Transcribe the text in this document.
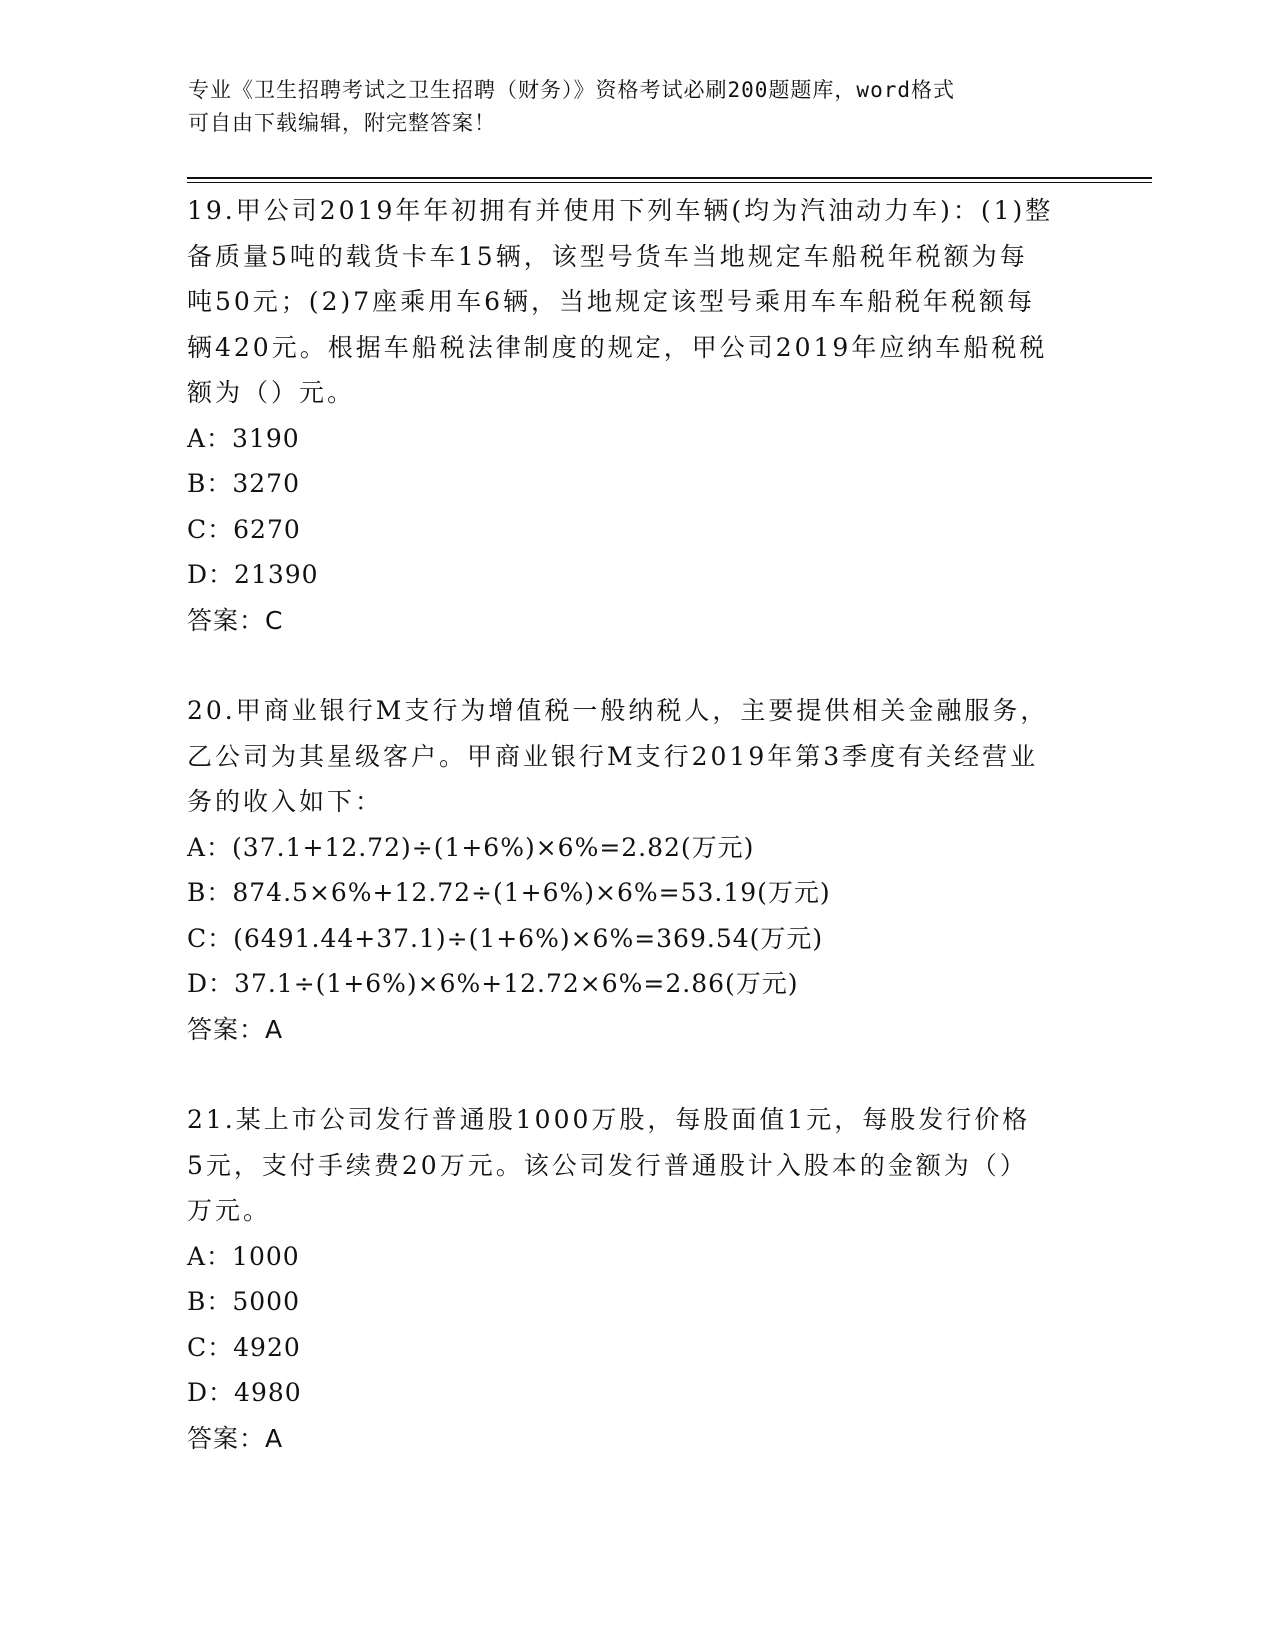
专业《卫生招聘考试之卫生招聘（财务）》资格考试必刷200题题库，word格式
可自由下载编辑，附完整答案！
19.甲公司2019年年初拥有并使用下列车辆(均为汽油动力车)：(1)整
备质量5吨的载货卡车15辆，该型号货车当地规定车船税年税额为每
吨50元；(2)7座乘用车6辆，当地规定该型号乘用车车船税年税额每
辆420元。根据车船税法律制度的规定，甲公司2019年应纳车船税税
额为（）元。
A：3190
B：3270
C：6270
D：21390
答案：C
20.甲商业银行M支行为增值税一般纳税人，主要提供相关金融服务，
乙公司为其星级客户。甲商业银行M支行2019年第3季度有关经营业
务的收入如下：
A：(37.1+12.72)÷(1+6%)×6%=2.82(万元)
B：874.5×6%+12.72÷(1+6%)×6%=53.19(万元)
C：(6491.44+37.1)÷(1+6%)×6%=369.54(万元)
D：37.1÷(1+6%)×6%+12.72×6%=2.86(万元)
答案：A
21.某上市公司发行普通股1000万股，每股面值1元，每股发行价格
5元，支付手续费20万元。该公司发行普通股计入股本的金额为（）
万元。
A：1000
B：5000
C：4920
D：4980
答案：A
